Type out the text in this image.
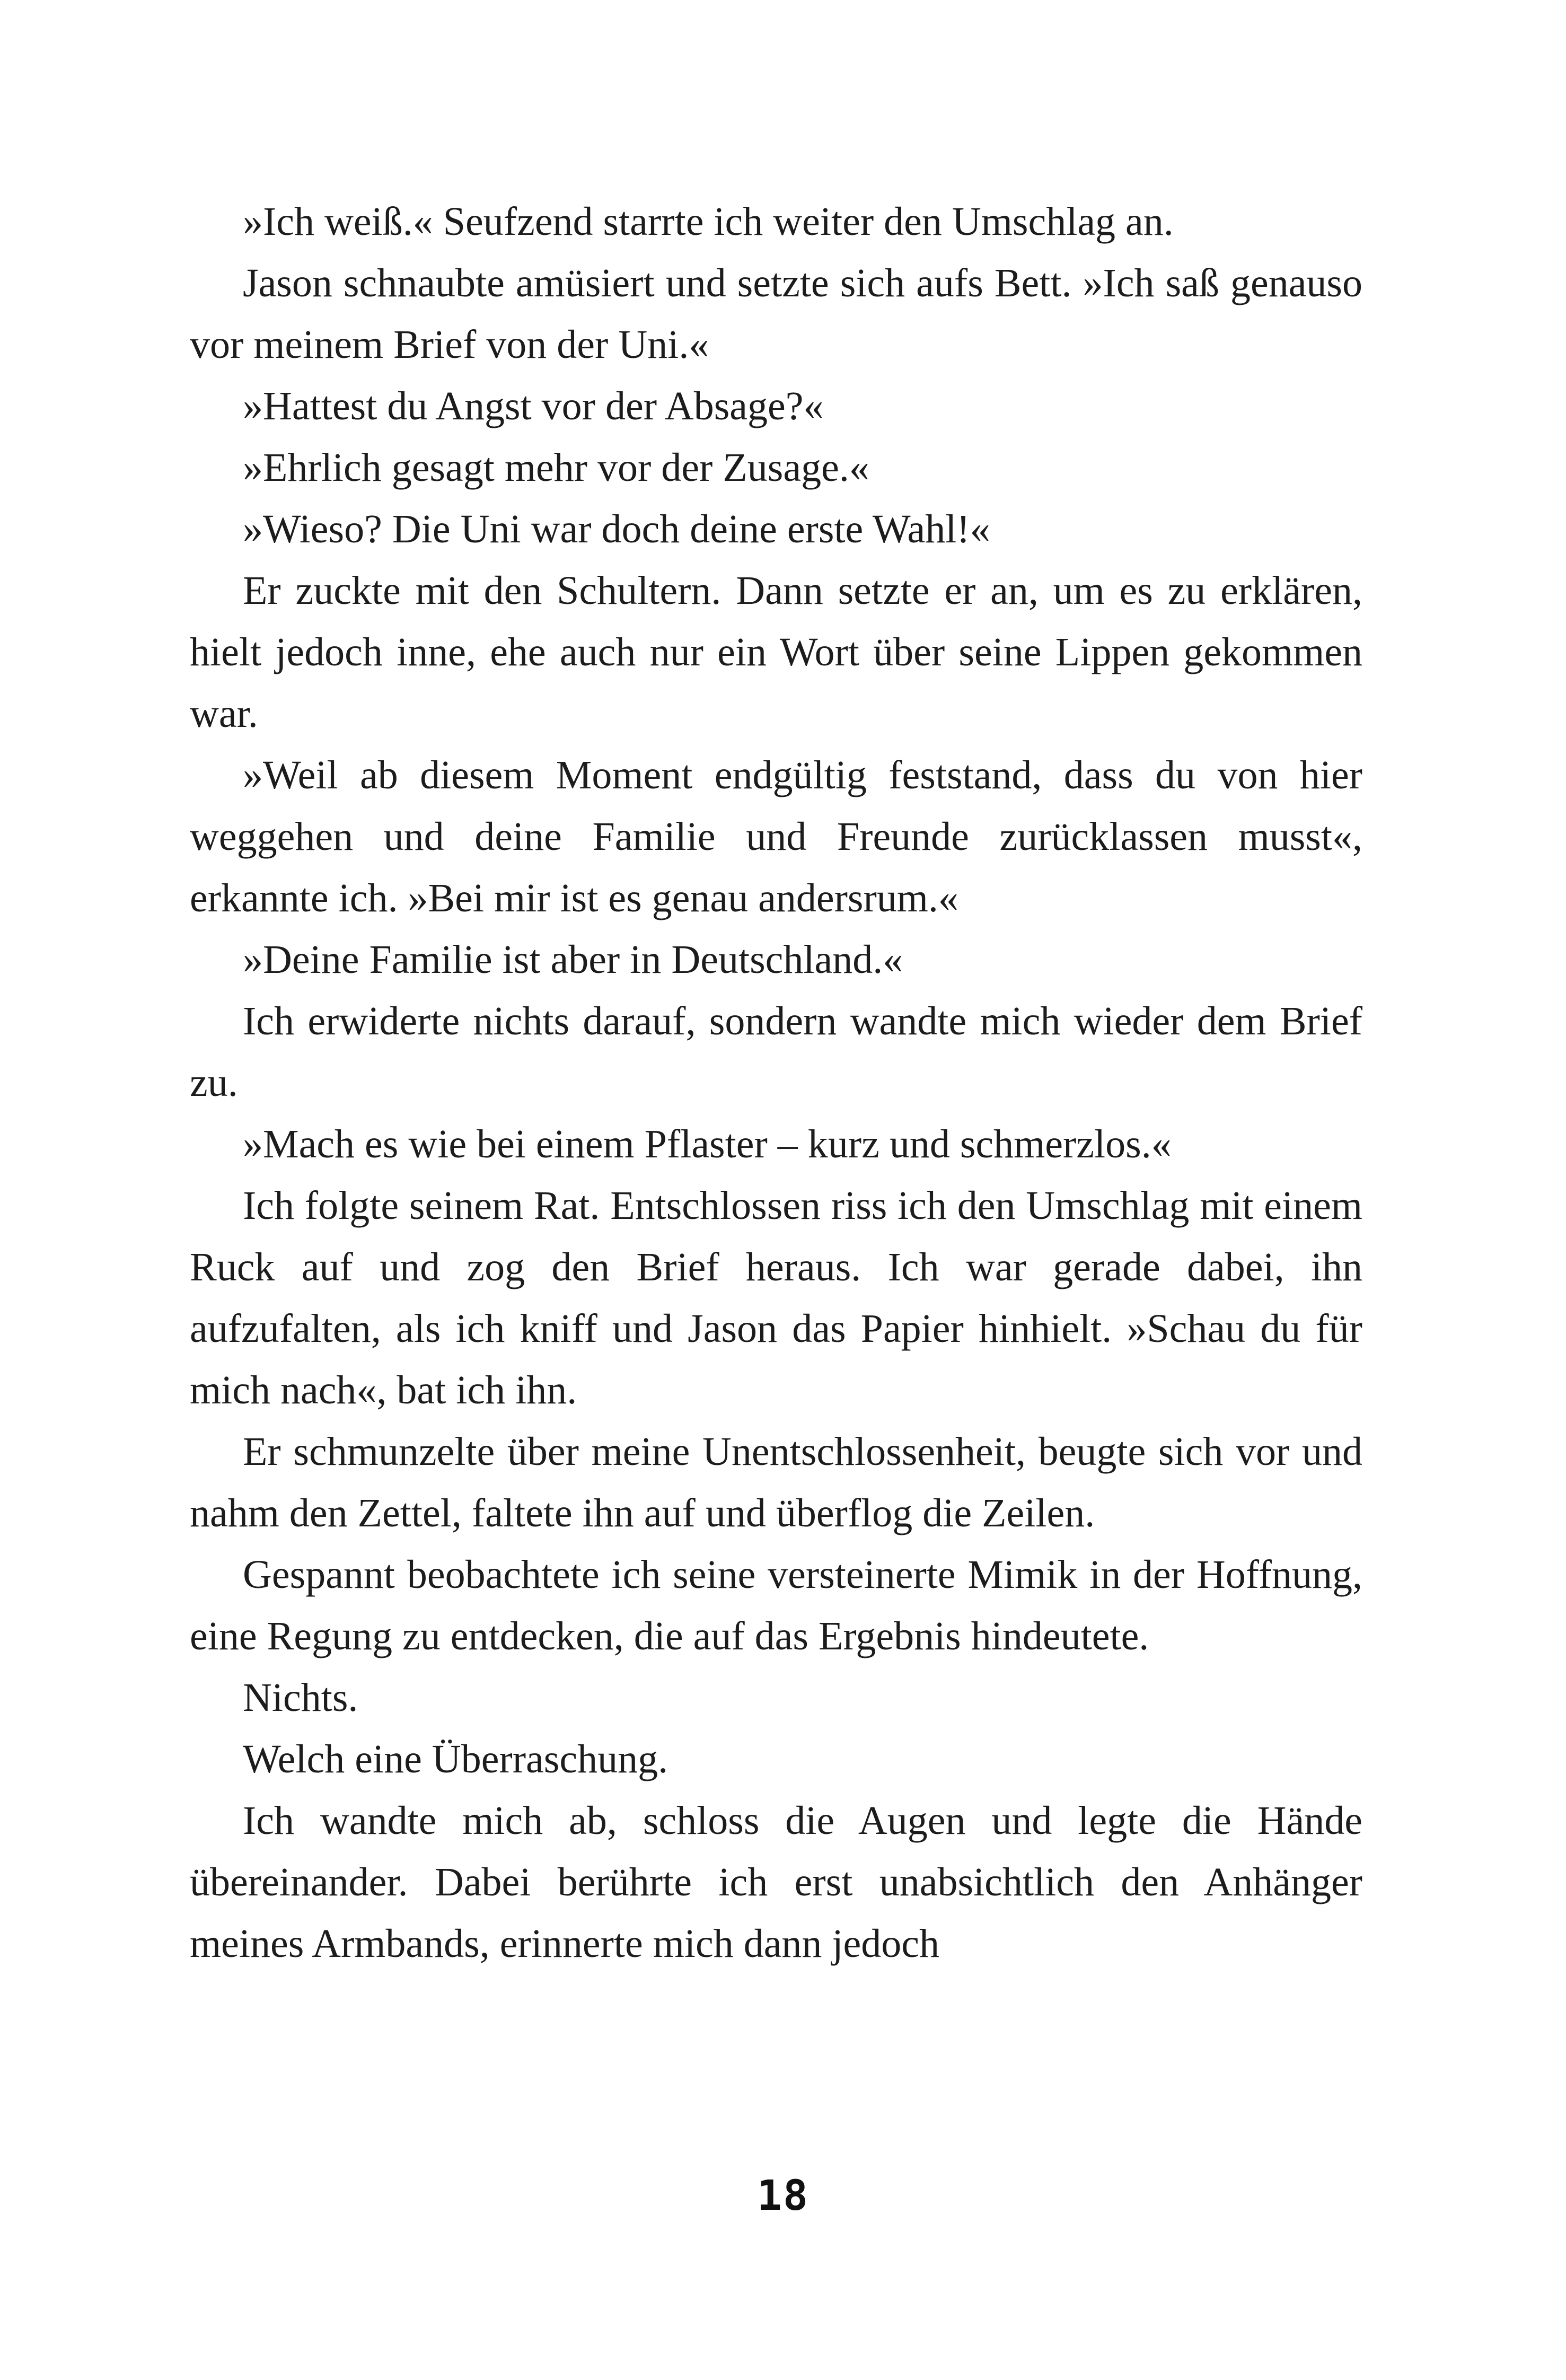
»Ich weiß.« Seufzend starrte ich weiter den Umschlag an.

Jason schnaubte amüsiert und setzte sich aufs Bett. »Ich saß genauso vor meinem Brief von der Uni.«

»Hattest du Angst vor der Absage?«

»Ehrlich gesagt mehr vor der Zusage.«

»Wieso? Die Uni war doch deine erste Wahl!«

Er zuckte mit den Schultern. Dann setzte er an, um es zu erklären, hielt jedoch inne, ehe auch nur ein Wort über seine Lippen gekommen war.

»Weil ab diesem Moment endgültig feststand, dass du von hier weggehen und deine Familie und Freunde zurücklassen musst«, erkannte ich. »Bei mir ist es genau andersrum.«

»Deine Familie ist aber in Deutschland.«

Ich erwiderte nichts darauf, sondern wandte mich wieder dem Brief zu.

»Mach es wie bei einem Pflaster – kurz und schmerzlos.«

Ich folgte seinem Rat. Entschlossen riss ich den Umschlag mit einem Ruck auf und zog den Brief heraus. Ich war gerade dabei, ihn aufzufalten, als ich kniff und Jason das Papier hinhielt. »Schau du für mich nach«, bat ich ihn.

Er schmunzelte über meine Unentschlossenheit, beugte sich vor und nahm den Zettel, faltete ihn auf und überflog die Zeilen.

Gespannt beobachtete ich seine versteinerte Mimik in der Hoffnung, eine Regung zu entdecken, die auf das Ergebnis hindeutete.

Nichts.

Welch eine Überraschung.

Ich wandte mich ab, schloss die Augen und legte die Hände übereinander. Dabei berührte ich erst unabsichtlich den Anhänger meines Armbands, erinnerte mich dann jedoch

18
